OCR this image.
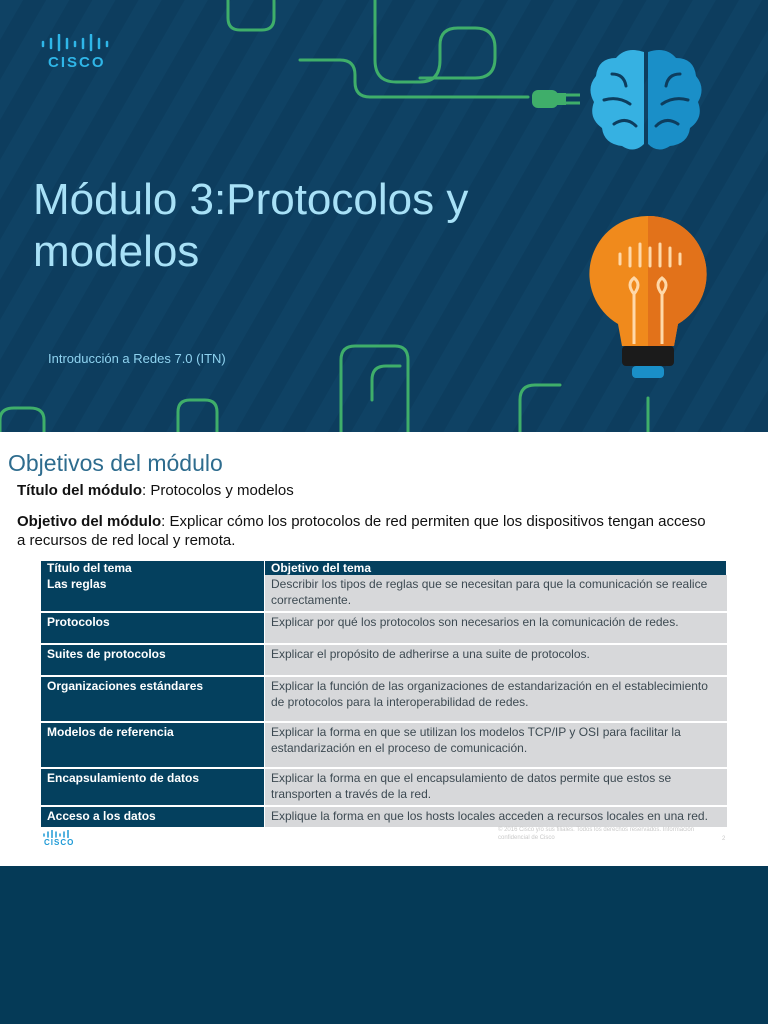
CISCO
Módulo 3:Protocolos y modelos
Introducción a Redes 7.0 (ITN)
Objetivos del módulo
Título del módulo: Protocolos y modelos
Objetivo del módulo: Explicar cómo los protocolos de red permiten que los dispositivos tengan acceso a recursos de red local y remota.
Título del tema	Objetivo del tema
Las reglas	Describir los tipos de reglas que se necesitan para que la comunicación se realice correctamente.
Protocolos	Explicar por qué los protocolos son necesarios en la comunicación de redes.
Suites de protocolos	Explicar el propósito de adherirse a una suite de protocolos.
Organizaciones estándares	Explicar la función de las organizaciones de estandarización en el establecimiento de protocolos para la interoperabilidad de redes.
Modelos de referencia	Explicar la forma en que se utilizan los modelos TCP/IP y OSI para facilitar la estandarización en el proceso de comunicación.
Encapsulamiento de datos	Explicar la forma en que el encapsulamiento de datos permite que estos se transporten a través de la red.
Acceso a los datos	Explique la forma en que los hosts locales acceden a recursos locales en una red.
CISCO
© 2016 Cisco y/o sus filiales. Todos los derechos reservados. Información confidencial de Cisco	2
